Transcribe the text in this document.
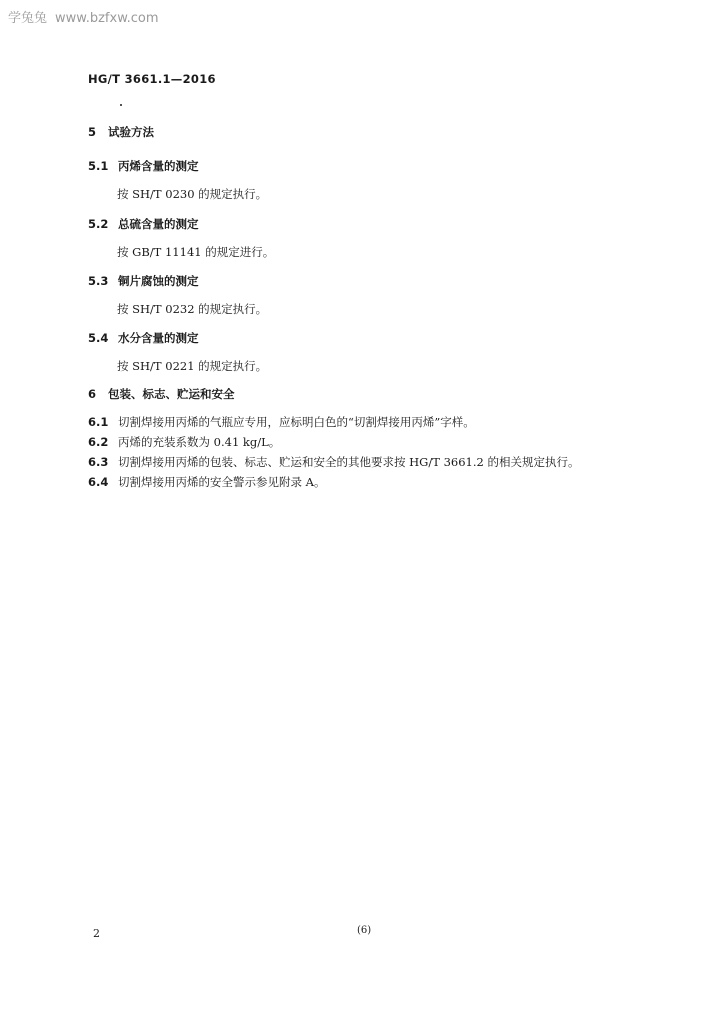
学兔兔 www.bzfxw.com
HG/T 3661.1—2016
5 试验方法
5.1 丙烯含量的测定
按 SH/T 0230 的规定执行。
5.2 总硫含量的测定
按 GB/T 11141 的规定进行。
5.3 铜片腐蚀的测定
按 SH/T 0232 的规定执行。
5.4 水分含量的测定
按 SH/T 0221 的规定执行。
6 包装、标志、贮运和安全
6.1 切割焊接用丙烯的气瓶应专用，应标明白色的“切割焊接用丙烯”字样。
6.2 丙烯的充装系数为 0.41 kg/L。
6.3 切割焊接用丙烯的包装、标志、贮运和安全的其他要求按 HG/T 3661.2 的相关规定执行。
6.4 切割焊接用丙烯的安全警示参见附录 A。
2	(6)
